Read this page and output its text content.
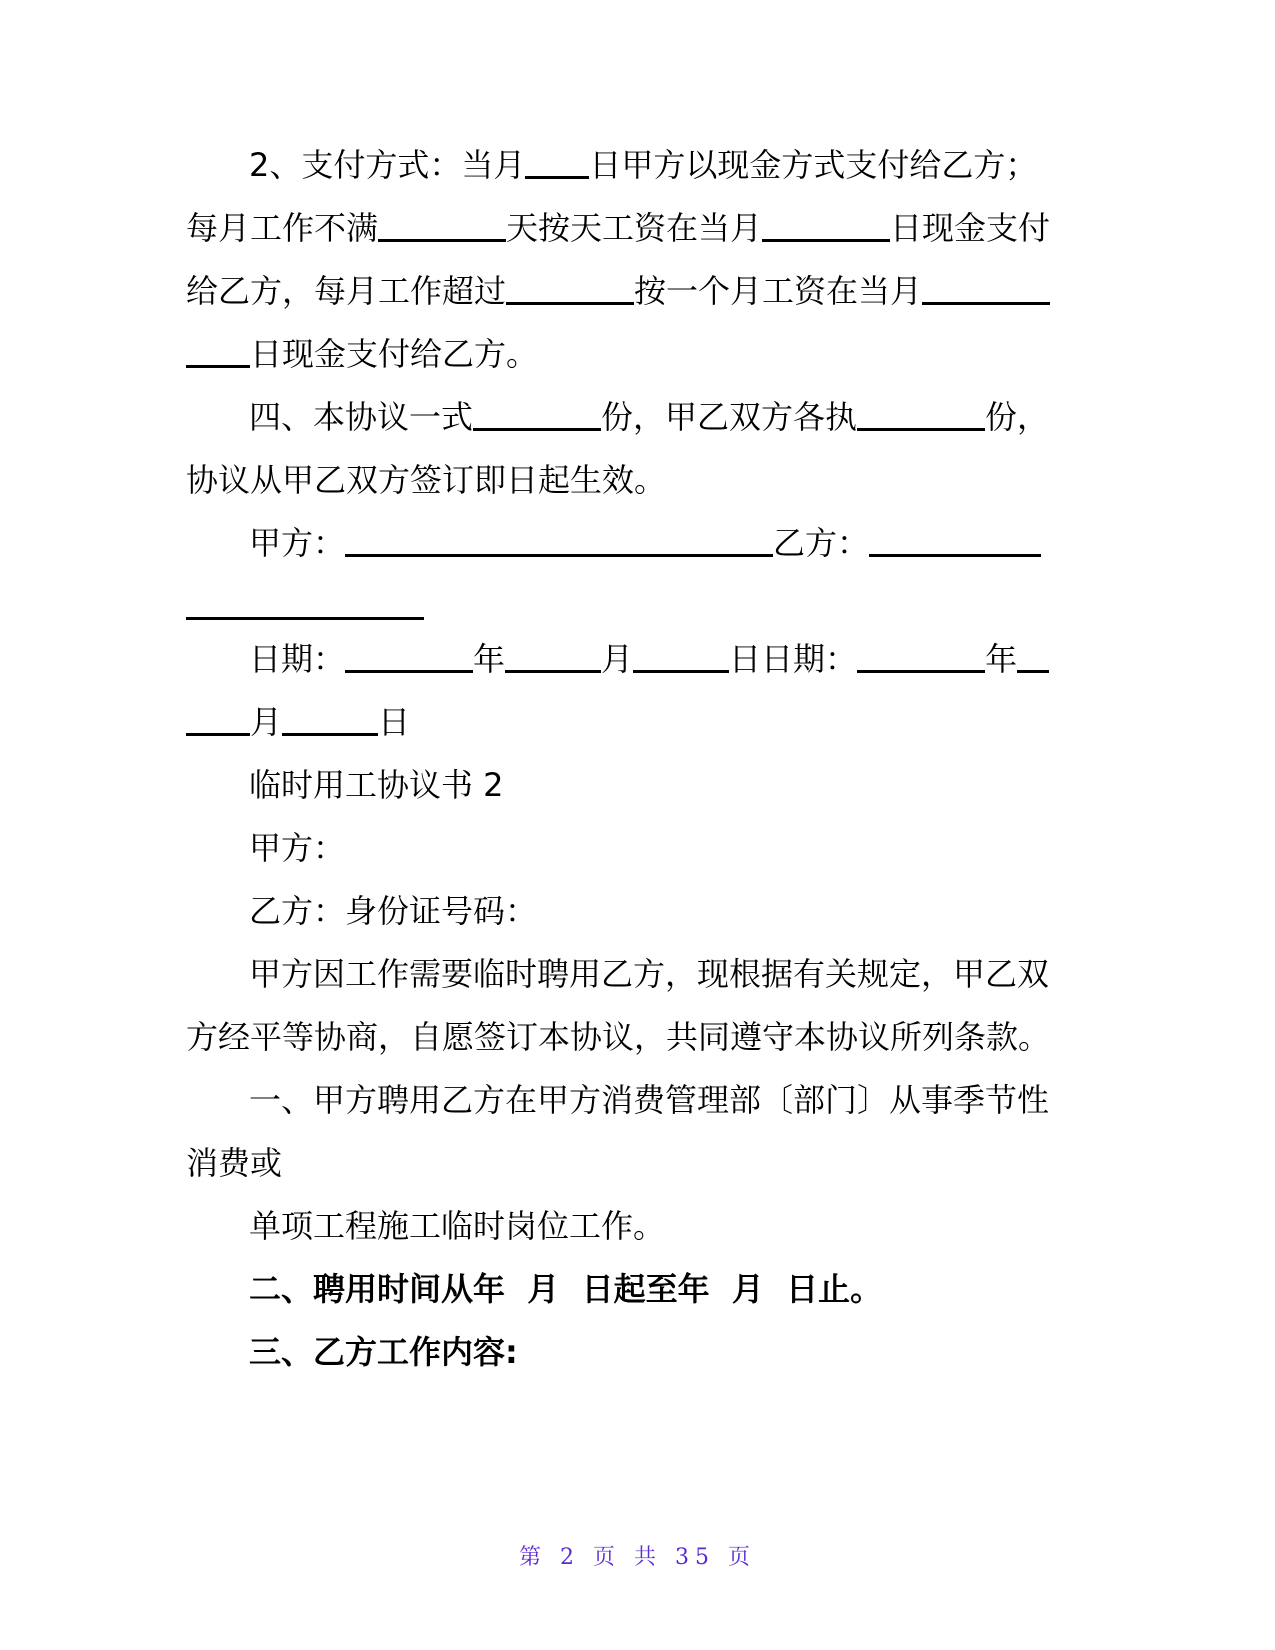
2、支付方式：当月 日甲方以现金方式支付给乙方；
每月工作不满	天按天工资在当月	日现金支付
给乙方，每月工作超过	按一个月工资在当月
日现金支付给乙方。
四、本协议一式	份，甲乙双方各执	份，
协议从甲乙双方签订即日起生效。
甲方：	乙方：
日期：	年	月	日日期：	年
月	日
临时用工协议书 2
甲方：
乙方：身份证号码：
甲方因工作需要临时聘用乙方，现根据有关规定，甲乙双
方经平等协商，自愿签订本协议，共同遵守本协议所列条款。
一、甲方聘用乙方在甲方消费管理部〔部门〕从事季节性
消费或
单项工程施工临时岗位工作。
二、聘用时间从年  月  日起至年  月  日止。
三、乙方工作内容:
第 2 页 共 35 页
